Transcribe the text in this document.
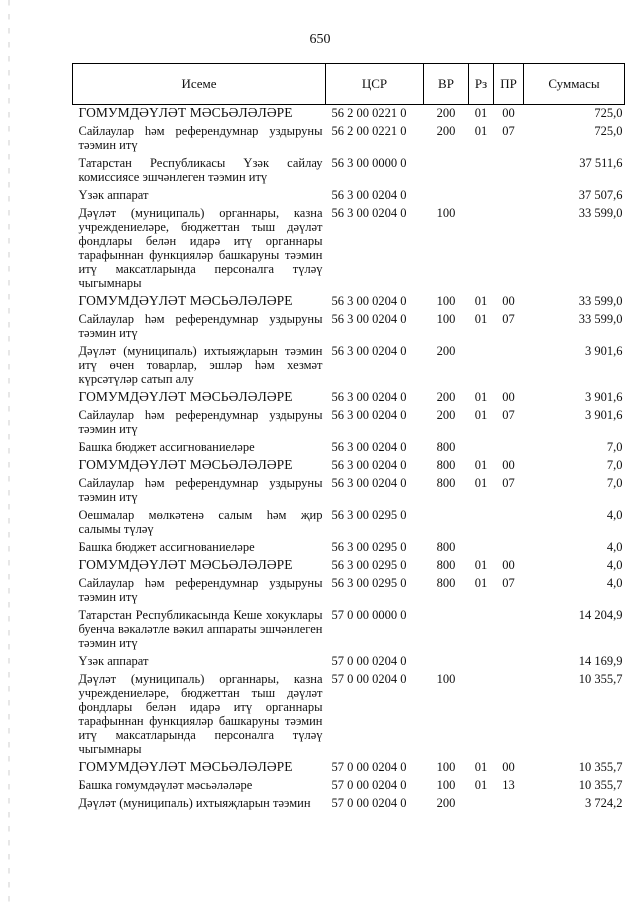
650
Исеме	ЦСР	ВР	Рз	ПР	Суммасы
ГОМУМДӘҮЛӘТ МӘСЬӘЛӘЛӘРЕ	56 2 00 0221 0	200	01	00	725,0
Сайлаулар һәм референдумнар уздыруны тәэмин итү	56 2 00 0221 0	200	01	07	725,0
Татарстан Республикасы Үзәк сайлау комиссиясе эшчәнлеген тәэмин итү	56 3 00 0000 0				37 511,6
Үзәк аппарат	56 3 00 0204 0				37 507,6
Дәүләт (муниципаль) органнары, казна учреждениеләре, бюджеттан тыш дәүләт фондлары белән идарә итү органнары тарафыннан функцияләр башкаруны тәэмин итү максатларында персоналга түләү чыгымнары	56 3 00 0204 0	100			33 599,0
ГОМУМДӘҮЛӘТ МӘСЬӘЛӘЛӘРЕ	56 3 00 0204 0	100	01	00	33 599,0
Сайлаулар һәм референдумнар уздыруны тәэмин итү	56 3 00 0204 0	100	01	07	33 599,0
Дәүләт (муниципаль) ихтыяҗларын тәэмин итү өчен товарлар, эшләр һәм хезмәт күрсәтүләр сатып алу	56 3 00 0204 0	200			3 901,6
ГОМУМДӘҮЛӘТ МӘСЬӘЛӘЛӘРЕ	56 3 00 0204 0	200	01	00	3 901,6
Сайлаулар һәм референдумнар уздыруны тәэмин итү	56 3 00 0204 0	200	01	07	3 901,6
Башка бюджет ассигнованиеләре	56 3 00 0204 0	800			7,0
ГОМУМДӘҮЛӘТ МӘСЬӘЛӘЛӘРЕ	56 3 00 0204 0	800	01	00	7,0
Сайлаулар һәм референдумнар уздыруны тәэмин итү	56 3 00 0204 0	800	01	07	7,0
Оешмалар мөлкәтенә салым һәм җир салымы түләү	56 3 00 0295 0				4,0
Башка бюджет ассигнованиеләре	56 3 00 0295 0	800			4,0
ГОМУМДӘҮЛӘТ МӘСЬӘЛӘЛӘРЕ	56 3 00 0295 0	800	01	00	4,0
Сайлаулар һәм референдумнар уздыруны тәэмин итү	56 3 00 0295 0	800	01	07	4,0
Татарстан Республикасында Кеше хокуклары буенча вәкаләтле вәкил аппараты эшчәнлеген тәэмин итү	57 0 00 0000 0				14 204,9
Үзәк аппарат	57 0 00 0204 0				14 169,9
Дәүләт (муниципаль) органнары, казна учреждениеләре, бюджеттан тыш дәүләт фондлары белән идарә итү органнары тарафыннан функцияләр башкаруны тәэмин итү максатларында персоналга түләү чыгымнары	57 0 00 0204 0	100			10 355,7
ГОМУМДӘҮЛӘТ МӘСЬӘЛӘЛӘРЕ	57 0 00 0204 0	100	01	00	10 355,7
Башка гомумдәүләт мәсьәләләре	57 0 00 0204 0	100	01	13	10 355,7
Дәүләт (муниципаль) ихтыяҗларын тәэмин	57 0 00 0204 0	200			3 724,2
